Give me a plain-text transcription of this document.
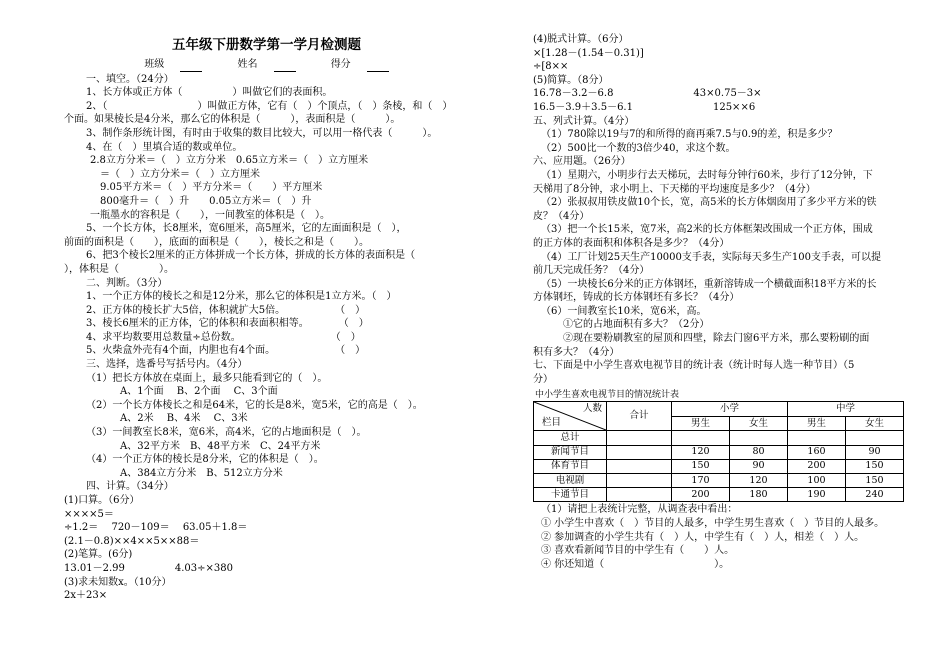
五年级下册数学第一学月检测题
班级	姓名	得分
一、填空。（24分）
1、长方体或正方体（　　　　　）叫做它们的表面积。
2、（　　　　　　　　　）叫做正方体，它有（　）个顶点，（　）条棱，和（　）
个面。如果棱长是4分米，那么它的体积是（　　　），表面积是（　　　）。
3、制作条形统计图，有时由于收集的数目比较大，可以用一格代表（　　　）。
4、在（　）里填合适的数或单位。
2.8立方分米＝（　）立方分米　0.65立方米＝（　）立方厘米
＝（　）立方分米＝（　）立方厘米
9.05平方米＝（　）平方分米＝（　　）平方厘米
800毫升＝（　）升　　0.05立方米＝（　）升
一瓶墨水的容积是（　　），一间教室的体积是（　）。
5、一个长方体，长8厘米，宽6厘米，高5厘米，它的左面面积是（　），
前面的面积是（　　），底面的面积是（　　），棱长之和是（　　）。
6、把3个棱长2厘米的正方体拼成一个长方体，拼成的长方体的表面积是（　
），体积是（　　　　）。
二、判断。（3分）
1、一个正方体的棱长之和是12分米，那么它的体积是1立方米。（　）
2、正方体的棱长扩大5倍，体积就扩大5倍。　　　　　　（　）
3、棱长6厘米的正方体，它的体积和表面积相等。　　　　（　）
4、求平均数要用总数量÷总份数。　　　　　　　　　　（　）
5、火柴盒外壳有4个面，内胆也有4个面。　　　　　　　（　）
三、选择，选番号写括号内。（4分）
（1）把长方体放在桌面上，最多只能看到它的（　）。
A、1个面　 B、2个面　 C、3个面
（2）一个长方体棱长之和是64米，它的长是8米，宽5米，它的高是（　）。
A、2米　 B、4米　 C、3米
（3）一间教室长8米，宽6米，高4米，它的占地面积是（　）。
A、32平方米　B、48平方米　C、24平方米
（4）一个正方体的棱长是8分米，它的体积是（　）。
A、384立方分米　B、512立方分米
四、计算。（34分）
(1)口算。（6分）
××××5＝
÷1.2＝　 720－109＝　 63.05＋1.8＝
(2.1－0.8)××4××5××88＝
(2)笔算。(6分)
13.01－2.99　　　　　4.03÷×380
(3)求未知数x。（10分）
2x＋23×
(4)脱式计算。（6分）
×[1.28－(1.54－0.31)]
÷[8××
(5)简算。（8分）
16.78－3.2－6.8　　　　　　　　43×0.75－3×
16.5－3.9＋3.5－6.1　　　　　　　　125××6
五、列式计算。（4分）
（1）780除以19与7的和所得的商再乘7.5与0.9的差，积是多少？
（2）500比一个数的3倍少40，求这个数。
六、应用题。（26分）
（1）星期六，小明步行去天梯玩，去时每分钟行60米，步行了12分钟，下
天梯用了8分钟，求小明上、下天梯的平均速度是多少？（4分）
（2）张叔叔用铁皮做10个长，宽，高5米的长方体烟囱用了多少平方米的铁
皮？（4分）
（3）把一个长15米，宽7米，高2米的长方体框架改围成一个正方体，围成
的正方体的表面积和体积各是多少？（4分）
（4）工厂计划25天生产10000支手表，实际每天多生产100支手表，可以提
前几天完成任务？（4分）
（5）一块棱长6分米的正方体钢坯，重新溶铸成一个横截面积18平方米的长
方体钢坯，铸成的长方体钢坯有多长？（4分）
（6）一间教室长10米，宽6米，高。
①它的占地面积有多大？（2分）
②现在要粉刷教室的屋顶和四壁，除去门窗6平方米，那么要粉刷的面
积有多大？（4分）
七、下面是中小学生喜欢电视节目的统计表（统计时每人选一种节目）（5
分）
中小学生喜欢电视节目的情况统计表
人数
栏目	合计	小学		中学	
		男生	女生	男生	女生
总计					
新闻节目		120	80	160	90
体育节目		150	90	200	150
电视剧		170	120	100	150
卡通节目		200	180	190	240
（1）请把上表统计完整，从调查表中看出：
① 小学生中喜欢（　）节目的人最多，中学生男生喜欢（　）节目的人最多。
② 参加调查的小学生共有（　）人，中学生有（　）人，相差（　）人。
③ 喜欢看新闻节目的中学生有（　　）人。
④ 你还知道（　　　　　　　　　　　）。
